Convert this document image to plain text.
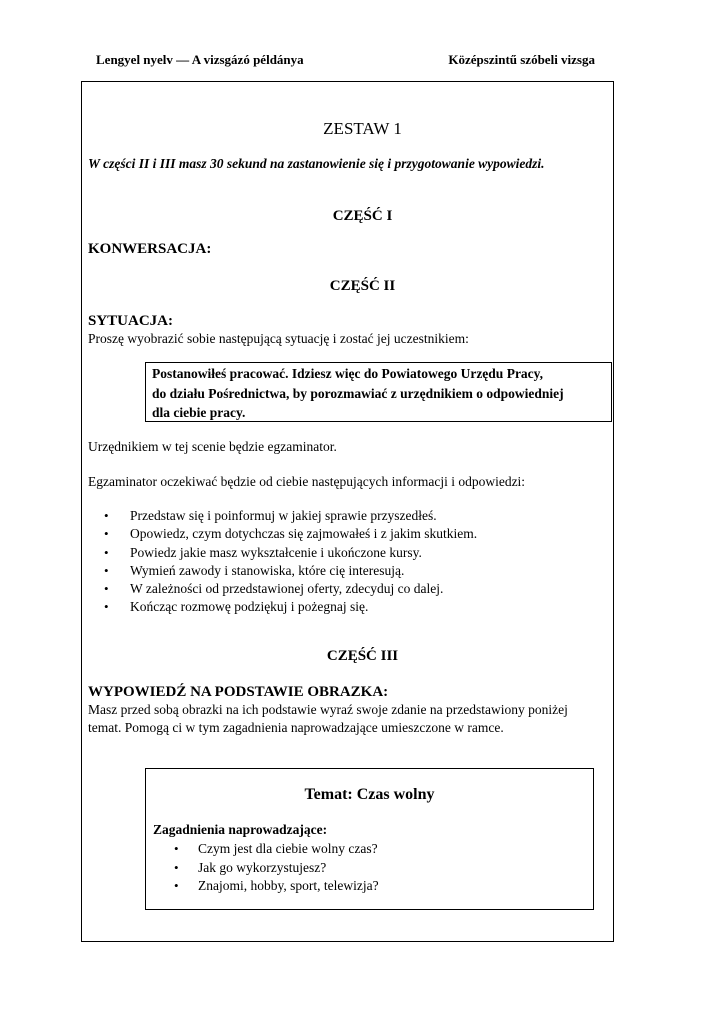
Lengyel nyelv — A vizsgázó példánya	Középszintű szóbeli vizsga
ZESTAW 1
W części II i III masz 30 sekund na zastanowienie się i przygotowanie wypowiedzi.
CZĘŚĆ I
KONWERSACJA:
CZĘŚĆ II
SYTUACJA:
Proszę wyobrazić sobie następującą sytuację i zostać jej uczestnikiem:
Postanowiłeś pracować. Idziesz więc do Powiatowego Urzędu Pracy,
do działu Pośrednictwa, by porozmawiać z urzędnikiem o odpowiedniej
dla ciebie pracy.
Urzędnikiem w tej scenie będzie egzaminator.
Egzaminator oczekiwać będzie od ciebie następujących informacji i odpowiedzi:
• Przedstaw się i poinformuj w jakiej sprawie przyszedłeś.
• Opowiedz, czym dotychczas się zajmowałeś i z jakim skutkiem.
• Powiedz jakie masz wykształcenie i ukończone kursy.
• Wymień zawody i stanowiska, które cię interesują.
• W zależności od przedstawionej oferty, zdecyduj co dalej.
• Kończąc rozmowę podziękuj i pożegnaj się.
CZĘŚĆ III
WYPOWIEDŹ NA PODSTAWIE OBRAZKA:
Masz przed sobą obrazki na ich podstawie wyraź swoje zdanie na przedstawiony poniżej
temat. Pomogą ci w tym zagadnienia naprowadzające umieszczone w ramce.
Temat: Czas wolny
Zagadnienia naprowadzające:
• Czym jest dla ciebie wolny czas?
• Jak go wykorzystujesz?
• Znajomi, hobby, sport, telewizja?
